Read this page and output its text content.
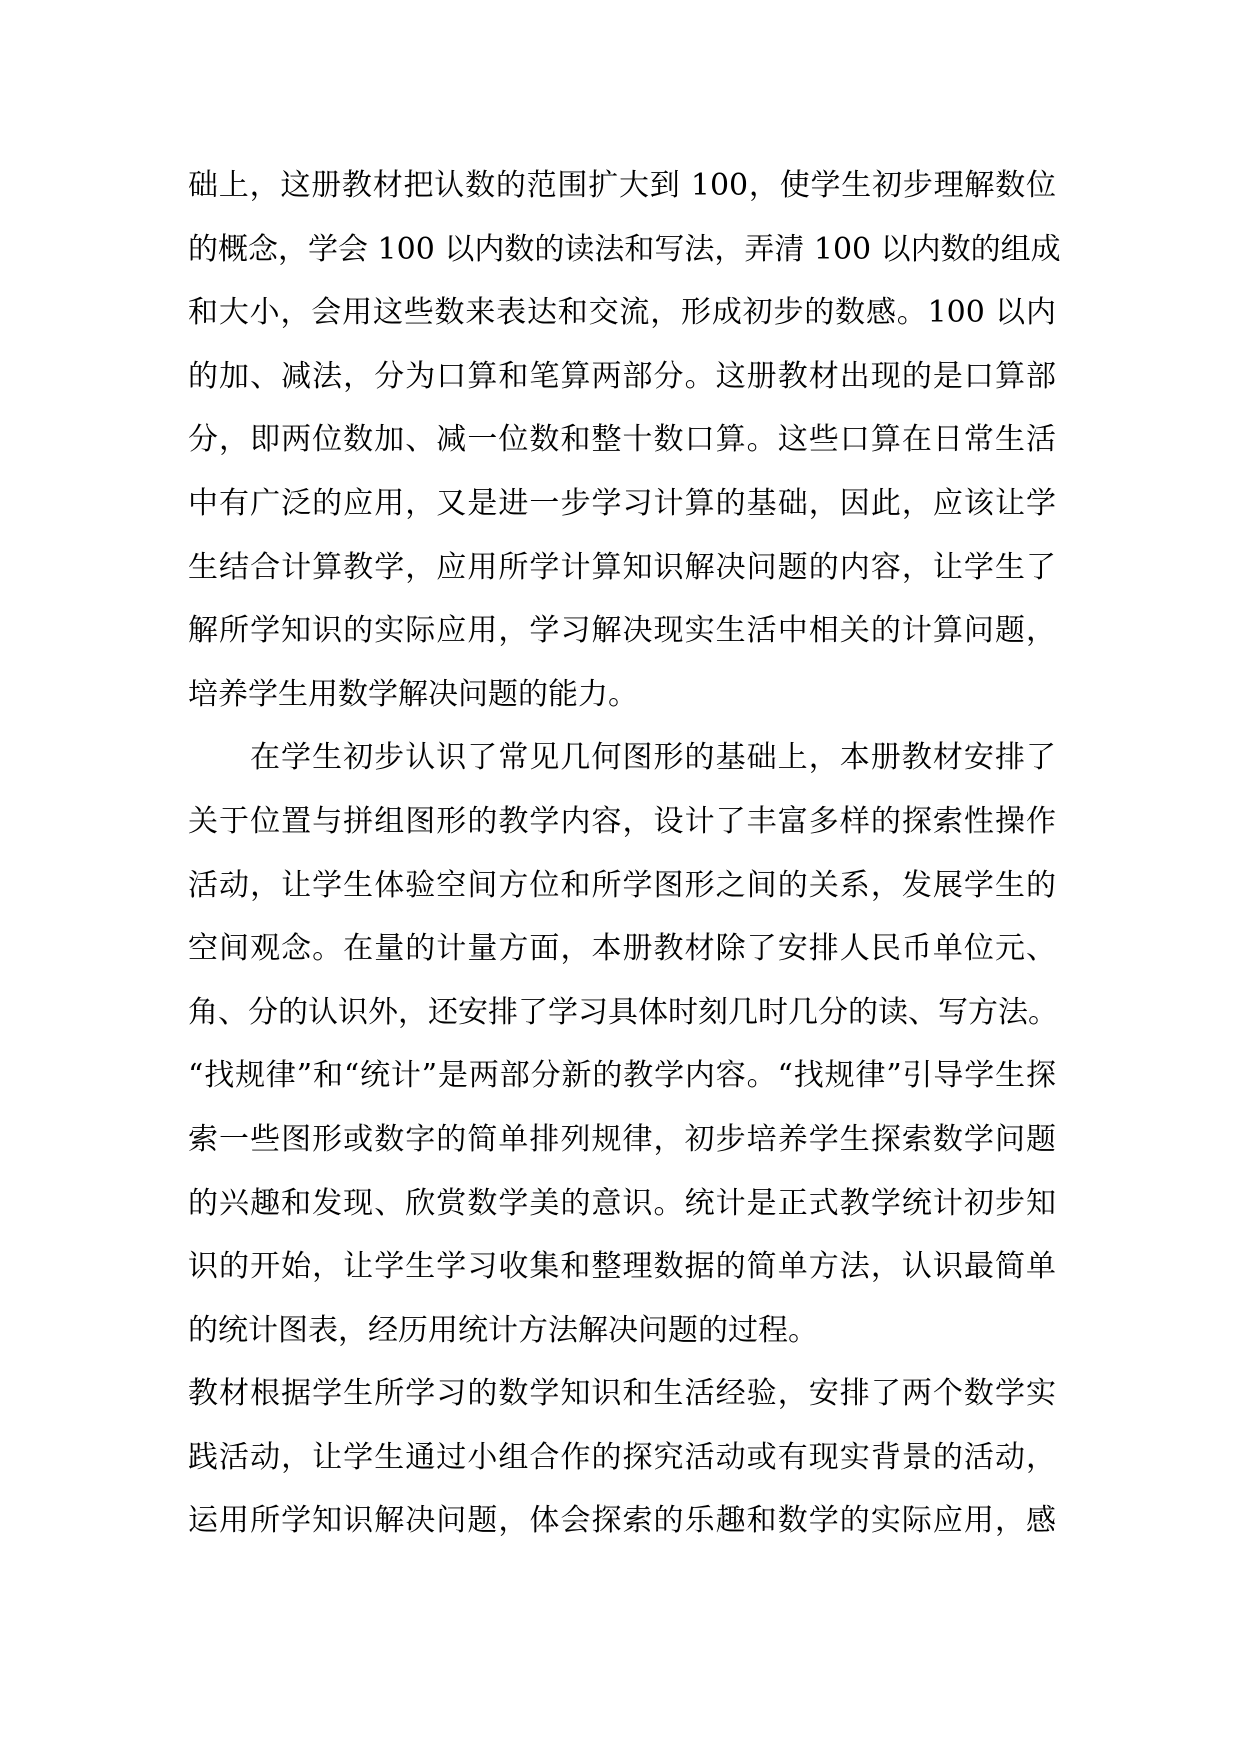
础上，这册教材把认数的范围扩大到 100，使学生初步理解数位
的概念，学会 100 以内数的读法和写法，弄清 100 以内数的组成
和大小，会用这些数来表达和交流，形成初步的数感。100 以内
的加、减法，分为口算和笔算两部分。这册教材出现的是口算部
分，即两位数加、减一位数和整十数口算。这些口算在日常生活
中有广泛的应用，又是进一步学习计算的基础，因此，应该让学
生结合计算教学，应用所学计算知识解决问题的内容，让学生了
解所学知识的实际应用，学习解决现实生活中相关的计算问题，
培养学生用数学解决问题的能力。
在学生初步认识了常见几何图形的基础上，本册教材安排了
关于位置与拼组图形的教学内容，设计了丰富多样的探索性操作
活动，让学生体验空间方位和所学图形之间的关系，发展学生的
空间观念。在量的计量方面，本册教材除了安排人民币单位元、
角、分的认识外，还安排了学习具体时刻几时几分的读、写方法。
“找规律”和“统计”是两部分新的教学内容。“找规律”引导学生探
索一些图形或数字的简单排列规律，初步培养学生探索数学问题
的兴趣和发现、欣赏数学美的意识。统计是正式教学统计初步知
识的开始，让学生学习收集和整理数据的简单方法，认识最简单
的统计图表，经历用统计方法解决问题的过程。
教材根据学生所学习的数学知识和生活经验，安排了两个数学实
践活动，让学生通过小组合作的探究活动或有现实背景的活动，
运用所学知识解决问题，体会探索的乐趣和数学的实际应用，感
